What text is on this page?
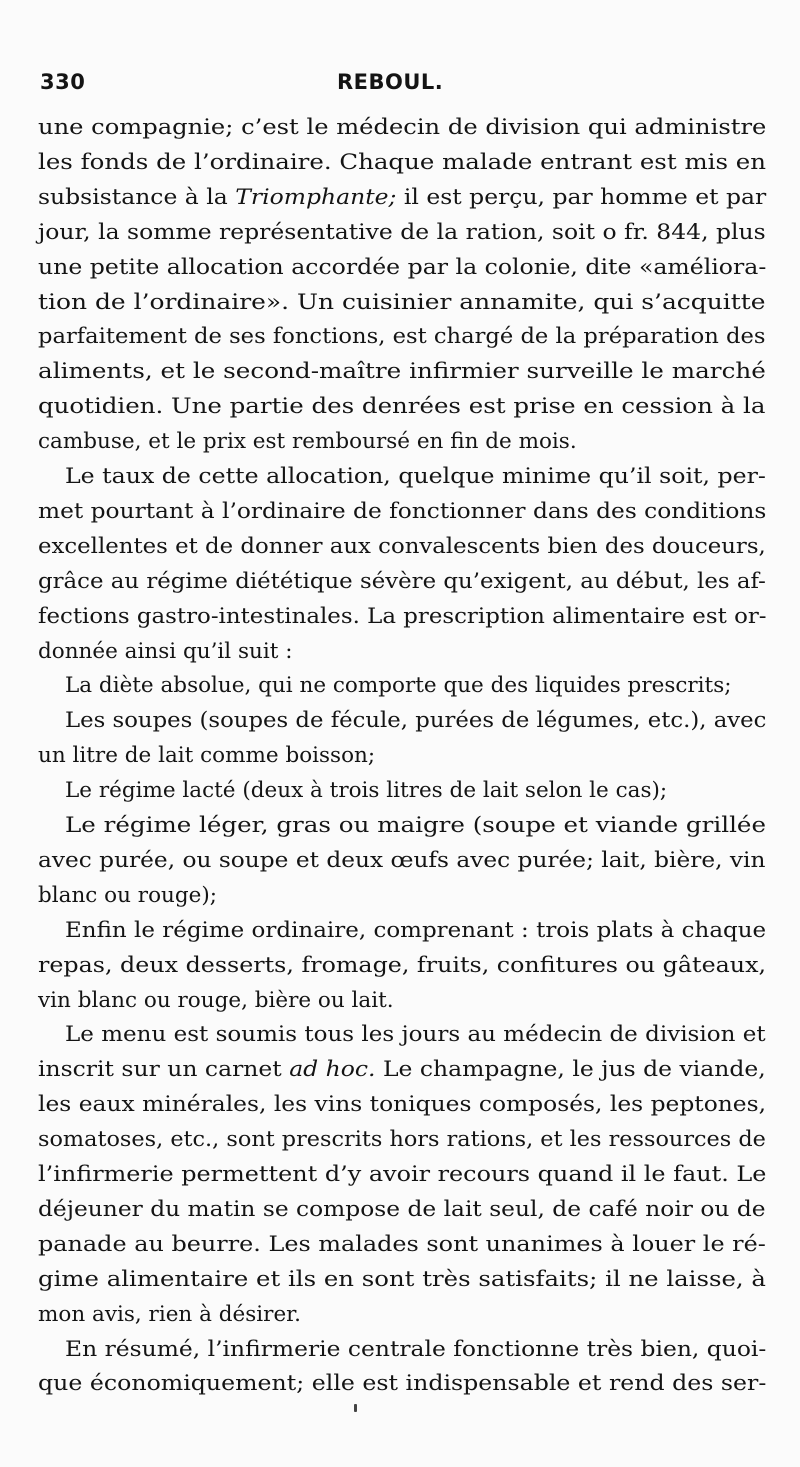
330	REBOUL.
une compagnie; c’est le médecin de division qui administre
les fonds de l’ordinaire. Chaque malade entrant est mis en
subsistance à la Triomphante; il est perçu, par homme et par
jour, la somme représentative de la ration, soit o fr. 844, plus
une petite allocation accordée par la colonie, dite «améliora-
tion de l’ordinaire». Un cuisinier annamite, qui s’acquitte
parfaitement de ses fonctions, est chargé de la préparation des
aliments, et le second-maître infirmier surveille le marché
quotidien. Une partie des denrées est prise en cession à la
cambuse, et le prix est remboursé en fin de mois.
Le taux de cette allocation, quelque minime qu’il soit, per-
met pourtant à l’ordinaire de fonctionner dans des conditions
excellentes et de donner aux convalescents bien des douceurs,
grâce au régime diététique sévère qu’exigent, au début, les af-
fections gastro-intestinales. La prescription alimentaire est or-
donnée ainsi qu’il suit :
La diète absolue, qui ne comporte que des liquides prescrits;
Les soupes (soupes de fécule, purées de légumes, etc.), avec
un litre de lait comme boisson;
Le régime lacté (deux à trois litres de lait selon le cas);
Le régime léger, gras ou maigre (soupe et viande grillée
avec purée, ou soupe et deux œufs avec purée; lait, bière, vin
blanc ou rouge);
Enfin le régime ordinaire, comprenant : trois plats à chaque
repas, deux desserts, fromage, fruits, confitures ou gâteaux,
vin blanc ou rouge, bière ou lait.
Le menu est soumis tous les jours au médecin de division et
inscrit sur un carnet ad hoc. Le champagne, le jus de viande,
les eaux minérales, les vins toniques composés, les peptones,
somatoses, etc., sont prescrits hors rations, et les ressources de
l’infirmerie permettent d’y avoir recours quand il le faut. Le
déjeuner du matin se compose de lait seul, de café noir ou de
panade au beurre. Les malades sont unanimes à louer le ré-
gime alimentaire et ils en sont très satisfaits; il ne laisse, à
mon avis, rien à désirer.
En résumé, l’infirmerie centrale fonctionne très bien, quoi-
que économiquement; elle est indispensable et rend des ser-
